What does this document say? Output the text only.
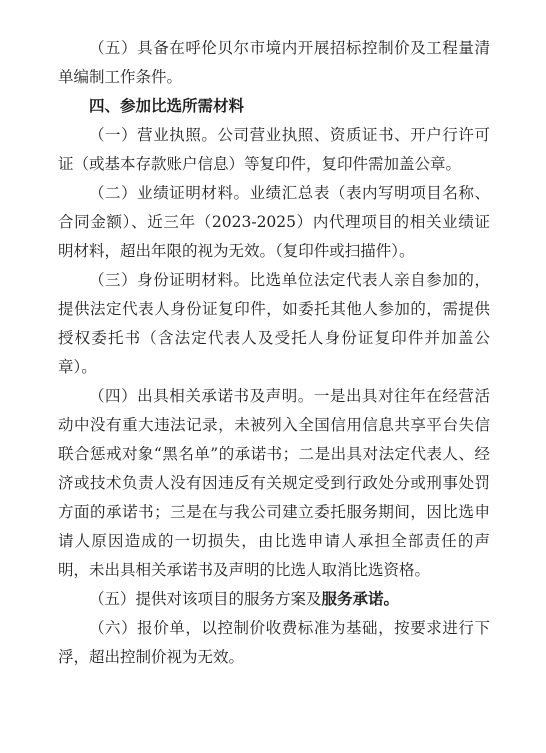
（五）具备在呼伦贝尔市境内开展招标控制价及工程量清单编制工作条件。

四、参加比选所需材料

（一）营业执照。公司营业执照、资质证书、开户行许可证（或基本存款账户信息）等复印件，复印件需加盖公章。

（二）业绩证明材料。业绩汇总表（表内写明项目名称、合同金额）、近三年（2023-2025）内代理项目的相关业绩证明材料，超出年限的视为无效。（复印件或扫描件）。

（三）身份证明材料。比选单位法定代表人亲自参加的，提供法定代表人身份证复印件，如委托其他人参加的，需提供授权委托书（含法定代表人及受托人身份证复印件并加盖公章）。

（四）出具相关承诺书及声明。一是出具对往年在经营活动中没有重大违法记录，未被列入全国信用信息共享平台失信联合惩戒对象“黑名单”的承诺书；二是出具对法定代表人、经济或技术负责人没有因违反有关规定受到行政处分或刑事处罚方面的承诺书；三是在与我公司建立委托服务期间，因比选申请人原因造成的一切损失，由比选申请人承担全部责任的声明，未出具相关承诺书及声明的比选人取消比选资格。

（五）提供对该项目的服务方案及服务承诺。

（六）报价单，以控制价收费标准为基础，按要求进行下浮，超出控制价视为无效。
